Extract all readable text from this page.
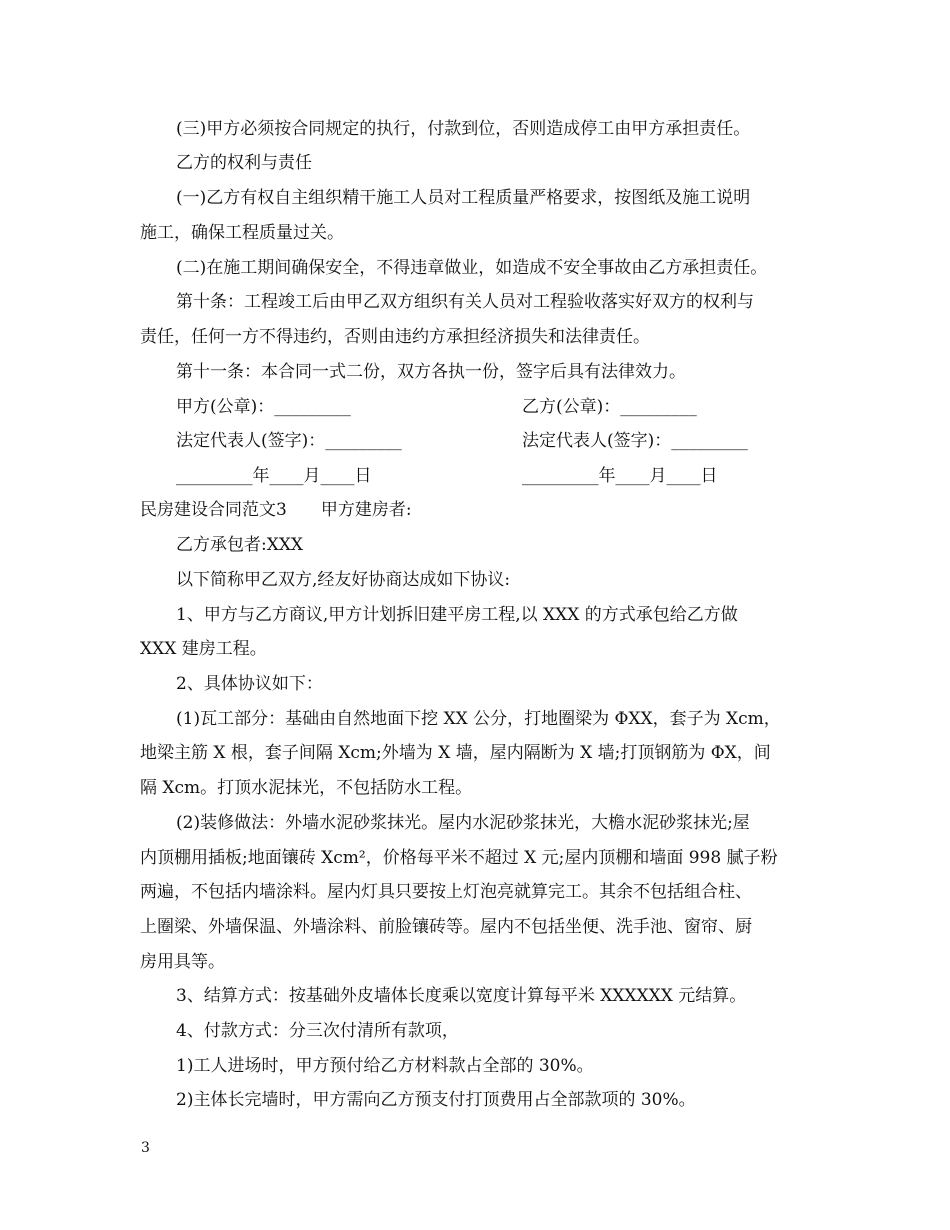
(三)甲方必须按合同规定的执行，付款到位，否则造成停工由甲方承担责任。
乙方的权利与责任
(一)乙方有权自主组织精干施工人员对工程质量严格要求，按图纸及施工说明
施工，确保工程质量过关。
(二)在施工期间确保安全，不得违章做业，如造成不安全事故由乙方承担责任。
第十条：工程竣工后由甲乙双方组织有关人员对工程验收落实好双方的权利与
责任，任何一方不得违约，否则由违约方承担经济损失和法律责任。
第十一条：本合同一式二份，双方各执一份，签字后具有法律效力。
甲方(公章)：_________	乙方(公章)：_________
法定代表人(签字)：_________	法定代表人(签字)：_________
_________年____月____日	_________年____月____日
民房建设合同范文3　　甲方建房者:
乙方承包者:XXX
以下简称甲乙双方,经友好协商达成如下协议:
1、甲方与乙方商议,甲方计划拆旧建平房工程,以 XXX 的方式承包给乙方做
XXX 建房工程。
2、具体协议如下：
(1)瓦工部分：基础由自然地面下挖 XX 公分，打地圈梁为 ΦXX，套子为 Xcm，
地梁主筋 X 根，套子间隔 Xcm;外墙为 X 墙，屋内隔断为 X 墙;打顶钢筋为 ΦX，间
隔 Xcm。打顶水泥抹光，不包括防水工程。
(2)装修做法：外墙水泥砂浆抹光。屋内水泥砂浆抹光，大檐水泥砂浆抹光;屋
内顶棚用插板;地面镶砖 Xcm²，价格每平米不超过 X 元;屋内顶棚和墙面 998 腻子粉
两遍，不包括内墙涂料。屋内灯具只要按上灯泡亮就算完工。其余不包括组合柱、
上圈梁、外墙保温、外墙涂料、前脸镶砖等。屋内不包括坐便、洗手池、窗帘、厨
房用具等。
3、结算方式：按基础外皮墙体长度乘以宽度计算每平米 XXXXXX 元结算。
4、付款方式：分三次付清所有款项，
1)工人进场时，甲方预付给乙方材料款占全部的 30%。
2)主体长完墙时，甲方需向乙方预支付打顶费用占全部款项的 30%。
3
